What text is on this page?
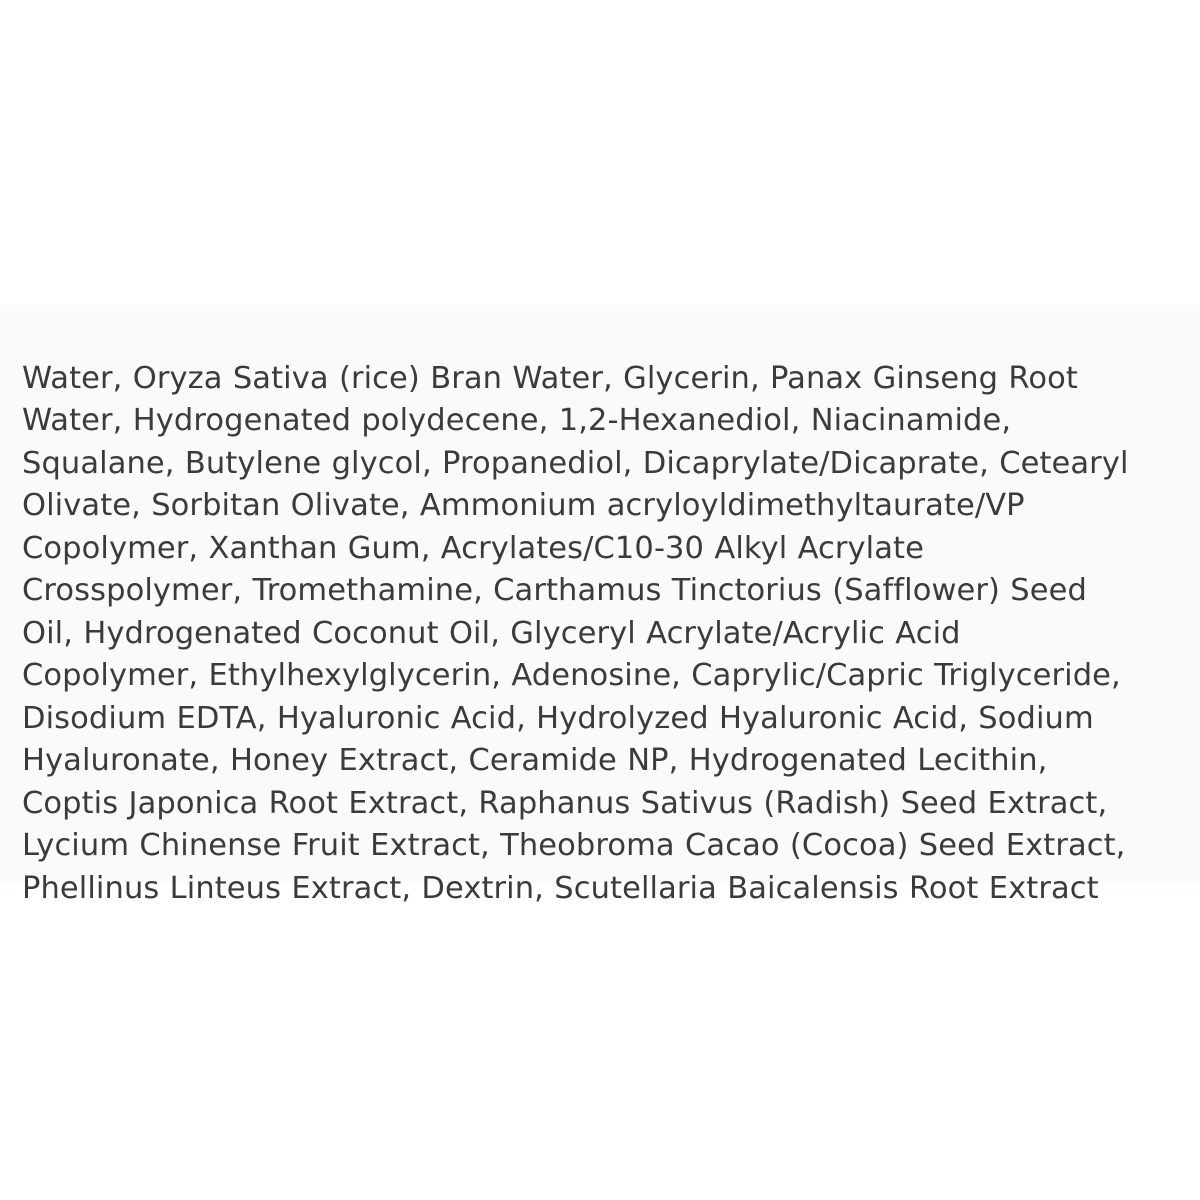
Water, Oryza Sativa (rice) Bran Water, Glycerin, Panax Ginseng Root Water, Hydrogenated polydecene, 1,2-Hexanediol, Niacinamide, Squalane, Butylene glycol, Propanediol, Dicaprylate/Dicaprate, Cetearyl Olivate, Sorbitan Olivate, Ammonium acryloyldimethyltaurate/VP Copolymer, Xanthan Gum, Acrylates/C10-30 Alkyl Acrylate Crosspolymer, Tromethamine, Carthamus Tinctorius (Safflower) Seed Oil, Hydrogenated Coconut Oil, Glyceryl Acrylate/Acrylic Acid Copolymer, Ethylhexylglycerin, Adenosine, Caprylic/Capric Triglyceride, Disodium EDTA, Hyaluronic Acid, Hydrolyzed Hyaluronic Acid, Sodium Hyaluronate, Honey Extract, Ceramide NP, Hydrogenated Lecithin, Coptis Japonica Root Extract, Raphanus Sativus (Radish) Seed Extract, Lycium Chinense Fruit Extract, Theobroma Cacao (Cocoa) Seed Extract, Phellinus Linteus Extract, Dextrin, Scutellaria Baicalensis Root Extract
